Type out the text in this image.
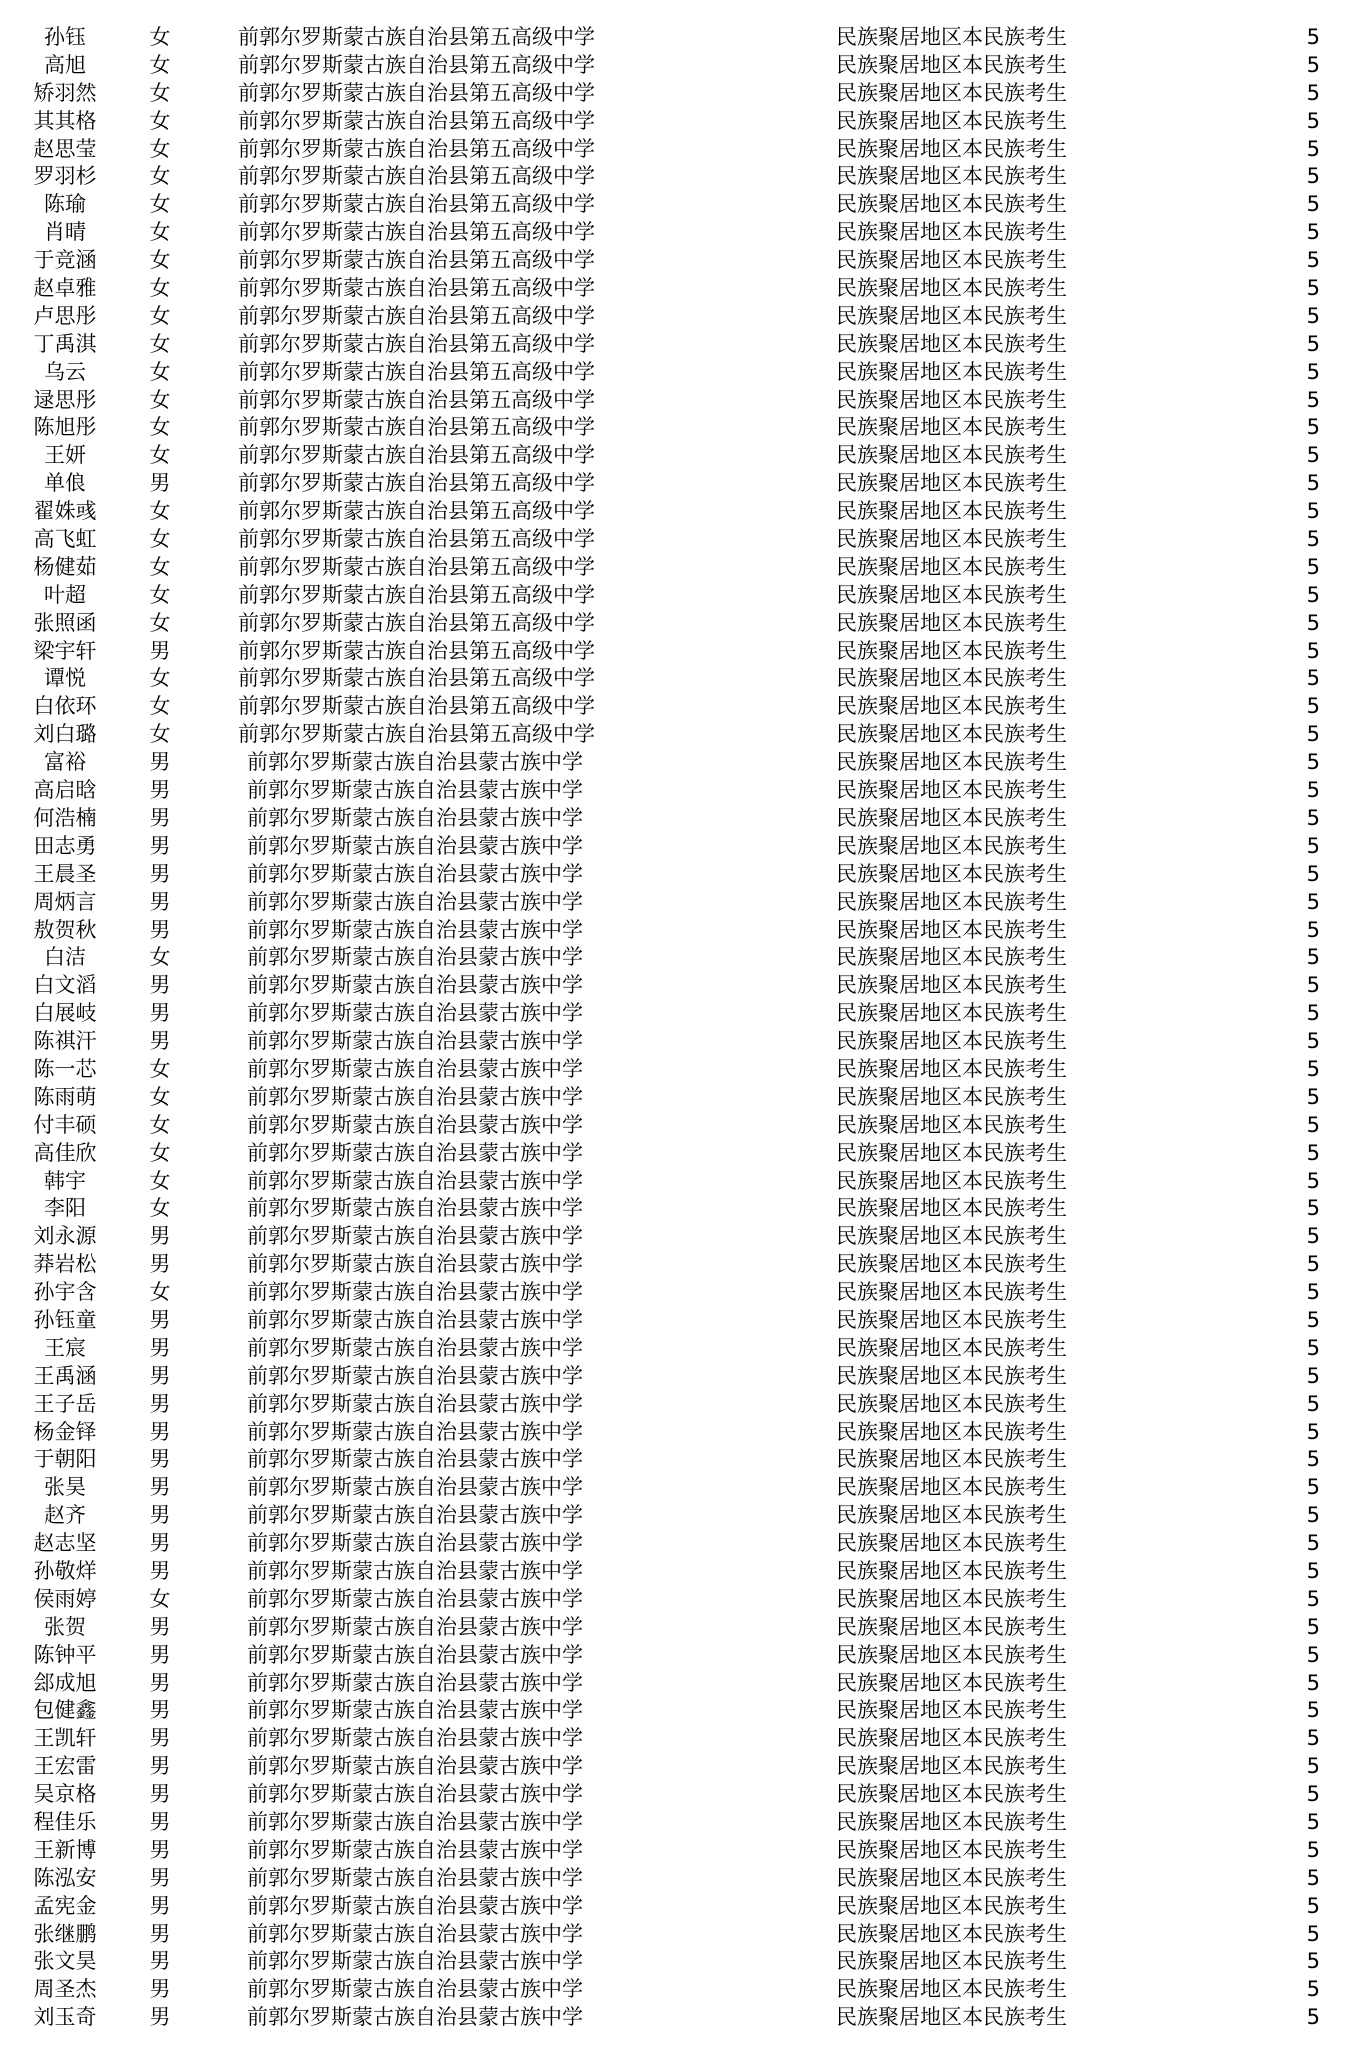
孙钰	女	前郭尔罗斯蒙古族自治县第五高级中学	民族聚居地区本民族考生	5
高旭	女	前郭尔罗斯蒙古族自治县第五高级中学	民族聚居地区本民族考生	5
矫羽然	女	前郭尔罗斯蒙古族自治县第五高级中学	民族聚居地区本民族考生	5
其其格	女	前郭尔罗斯蒙古族自治县第五高级中学	民族聚居地区本民族考生	5
赵思莹	女	前郭尔罗斯蒙古族自治县第五高级中学	民族聚居地区本民族考生	5
罗羽杉	女	前郭尔罗斯蒙古族自治县第五高级中学	民族聚居地区本民族考生	5
陈瑜	女	前郭尔罗斯蒙古族自治县第五高级中学	民族聚居地区本民族考生	5
肖晴	女	前郭尔罗斯蒙古族自治县第五高级中学	民族聚居地区本民族考生	5
于竞涵	女	前郭尔罗斯蒙古族自治县第五高级中学	民族聚居地区本民族考生	5
赵卓雅	女	前郭尔罗斯蒙古族自治县第五高级中学	民族聚居地区本民族考生	5
卢思彤	女	前郭尔罗斯蒙古族自治县第五高级中学	民族聚居地区本民族考生	5
丁禹淇	女	前郭尔罗斯蒙古族自治县第五高级中学	民族聚居地区本民族考生	5
乌云	女	前郭尔罗斯蒙古族自治县第五高级中学	民族聚居地区本民族考生	5
逯思彤	女	前郭尔罗斯蒙古族自治县第五高级中学	民族聚居地区本民族考生	5
陈旭彤	女	前郭尔罗斯蒙古族自治县第五高级中学	民族聚居地区本民族考生	5
王妍	女	前郭尔罗斯蒙古族自治县第五高级中学	民族聚居地区本民族考生	5
单俍	男	前郭尔罗斯蒙古族自治县第五高级中学	民族聚居地区本民族考生	5
翟姝彧	女	前郭尔罗斯蒙古族自治县第五高级中学	民族聚居地区本民族考生	5
高飞虹	女	前郭尔罗斯蒙古族自治县第五高级中学	民族聚居地区本民族考生	5
杨健茹	女	前郭尔罗斯蒙古族自治县第五高级中学	民族聚居地区本民族考生	5
叶超	女	前郭尔罗斯蒙古族自治县第五高级中学	民族聚居地区本民族考生	5
张照函	女	前郭尔罗斯蒙古族自治县第五高级中学	民族聚居地区本民族考生	5
梁宇轩	男	前郭尔罗斯蒙古族自治县第五高级中学	民族聚居地区本民族考生	5
谭悦	女	前郭尔罗斯蒙古族自治县第五高级中学	民族聚居地区本民族考生	5
白依环	女	前郭尔罗斯蒙古族自治县第五高级中学	民族聚居地区本民族考生	5
刘白璐	女	前郭尔罗斯蒙古族自治县第五高级中学	民族聚居地区本民族考生	5
富裕	男	前郭尔罗斯蒙古族自治县蒙古族中学	民族聚居地区本民族考生	5
高启晗	男	前郭尔罗斯蒙古族自治县蒙古族中学	民族聚居地区本民族考生	5
何浩楠	男	前郭尔罗斯蒙古族自治县蒙古族中学	民族聚居地区本民族考生	5
田志勇	男	前郭尔罗斯蒙古族自治县蒙古族中学	民族聚居地区本民族考生	5
王晨圣	男	前郭尔罗斯蒙古族自治县蒙古族中学	民族聚居地区本民族考生	5
周炳言	男	前郭尔罗斯蒙古族自治县蒙古族中学	民族聚居地区本民族考生	5
敖贺秋	男	前郭尔罗斯蒙古族自治县蒙古族中学	民族聚居地区本民族考生	5
白洁	女	前郭尔罗斯蒙古族自治县蒙古族中学	民族聚居地区本民族考生	5
白文滔	男	前郭尔罗斯蒙古族自治县蒙古族中学	民族聚居地区本民族考生	5
白展岐	男	前郭尔罗斯蒙古族自治县蒙古族中学	民族聚居地区本民族考生	5
陈祺汗	男	前郭尔罗斯蒙古族自治县蒙古族中学	民族聚居地区本民族考生	5
陈一芯	女	前郭尔罗斯蒙古族自治县蒙古族中学	民族聚居地区本民族考生	5
陈雨萌	女	前郭尔罗斯蒙古族自治县蒙古族中学	民族聚居地区本民族考生	5
付丰硕	女	前郭尔罗斯蒙古族自治县蒙古族中学	民族聚居地区本民族考生	5
高佳欣	女	前郭尔罗斯蒙古族自治县蒙古族中学	民族聚居地区本民族考生	5
韩宇	女	前郭尔罗斯蒙古族自治县蒙古族中学	民族聚居地区本民族考生	5
李阳	女	前郭尔罗斯蒙古族自治县蒙古族中学	民族聚居地区本民族考生	5
刘永源	男	前郭尔罗斯蒙古族自治县蒙古族中学	民族聚居地区本民族考生	5
莽岩松	男	前郭尔罗斯蒙古族自治县蒙古族中学	民族聚居地区本民族考生	5
孙宇含	女	前郭尔罗斯蒙古族自治县蒙古族中学	民族聚居地区本民族考生	5
孙钰童	男	前郭尔罗斯蒙古族自治县蒙古族中学	民族聚居地区本民族考生	5
王宸	男	前郭尔罗斯蒙古族自治县蒙古族中学	民族聚居地区本民族考生	5
王禹涵	男	前郭尔罗斯蒙古族自治县蒙古族中学	民族聚居地区本民族考生	5
王子岳	男	前郭尔罗斯蒙古族自治县蒙古族中学	民族聚居地区本民族考生	5
杨金铎	男	前郭尔罗斯蒙古族自治县蒙古族中学	民族聚居地区本民族考生	5
于朝阳	男	前郭尔罗斯蒙古族自治县蒙古族中学	民族聚居地区本民族考生	5
张昊	男	前郭尔罗斯蒙古族自治县蒙古族中学	民族聚居地区本民族考生	5
赵齐	男	前郭尔罗斯蒙古族自治县蒙古族中学	民族聚居地区本民族考生	5
赵志坚	男	前郭尔罗斯蒙古族自治县蒙古族中学	民族聚居地区本民族考生	5
孙敬烊	男	前郭尔罗斯蒙古族自治县蒙古族中学	民族聚居地区本民族考生	5
侯雨婷	女	前郭尔罗斯蒙古族自治县蒙古族中学	民族聚居地区本民族考生	5
张贺	男	前郭尔罗斯蒙古族自治县蒙古族中学	民族聚居地区本民族考生	5
陈钟平	男	前郭尔罗斯蒙古族自治县蒙古族中学	民族聚居地区本民族考生	5
郐成旭	男	前郭尔罗斯蒙古族自治县蒙古族中学	民族聚居地区本民族考生	5
包健鑫	男	前郭尔罗斯蒙古族自治县蒙古族中学	民族聚居地区本民族考生	5
王凯轩	男	前郭尔罗斯蒙古族自治县蒙古族中学	民族聚居地区本民族考生	5
王宏雷	男	前郭尔罗斯蒙古族自治县蒙古族中学	民族聚居地区本民族考生	5
吴京格	男	前郭尔罗斯蒙古族自治县蒙古族中学	民族聚居地区本民族考生	5
程佳乐	男	前郭尔罗斯蒙古族自治县蒙古族中学	民族聚居地区本民族考生	5
王新博	男	前郭尔罗斯蒙古族自治县蒙古族中学	民族聚居地区本民族考生	5
陈泓安	男	前郭尔罗斯蒙古族自治县蒙古族中学	民族聚居地区本民族考生	5
孟宪金	男	前郭尔罗斯蒙古族自治县蒙古族中学	民族聚居地区本民族考生	5
张继鹏	男	前郭尔罗斯蒙古族自治县蒙古族中学	民族聚居地区本民族考生	5
张文昊	男	前郭尔罗斯蒙古族自治县蒙古族中学	民族聚居地区本民族考生	5
周圣杰	男	前郭尔罗斯蒙古族自治县蒙古族中学	民族聚居地区本民族考生	5
刘玉奇	男	前郭尔罗斯蒙古族自治县蒙古族中学	民族聚居地区本民族考生	5
